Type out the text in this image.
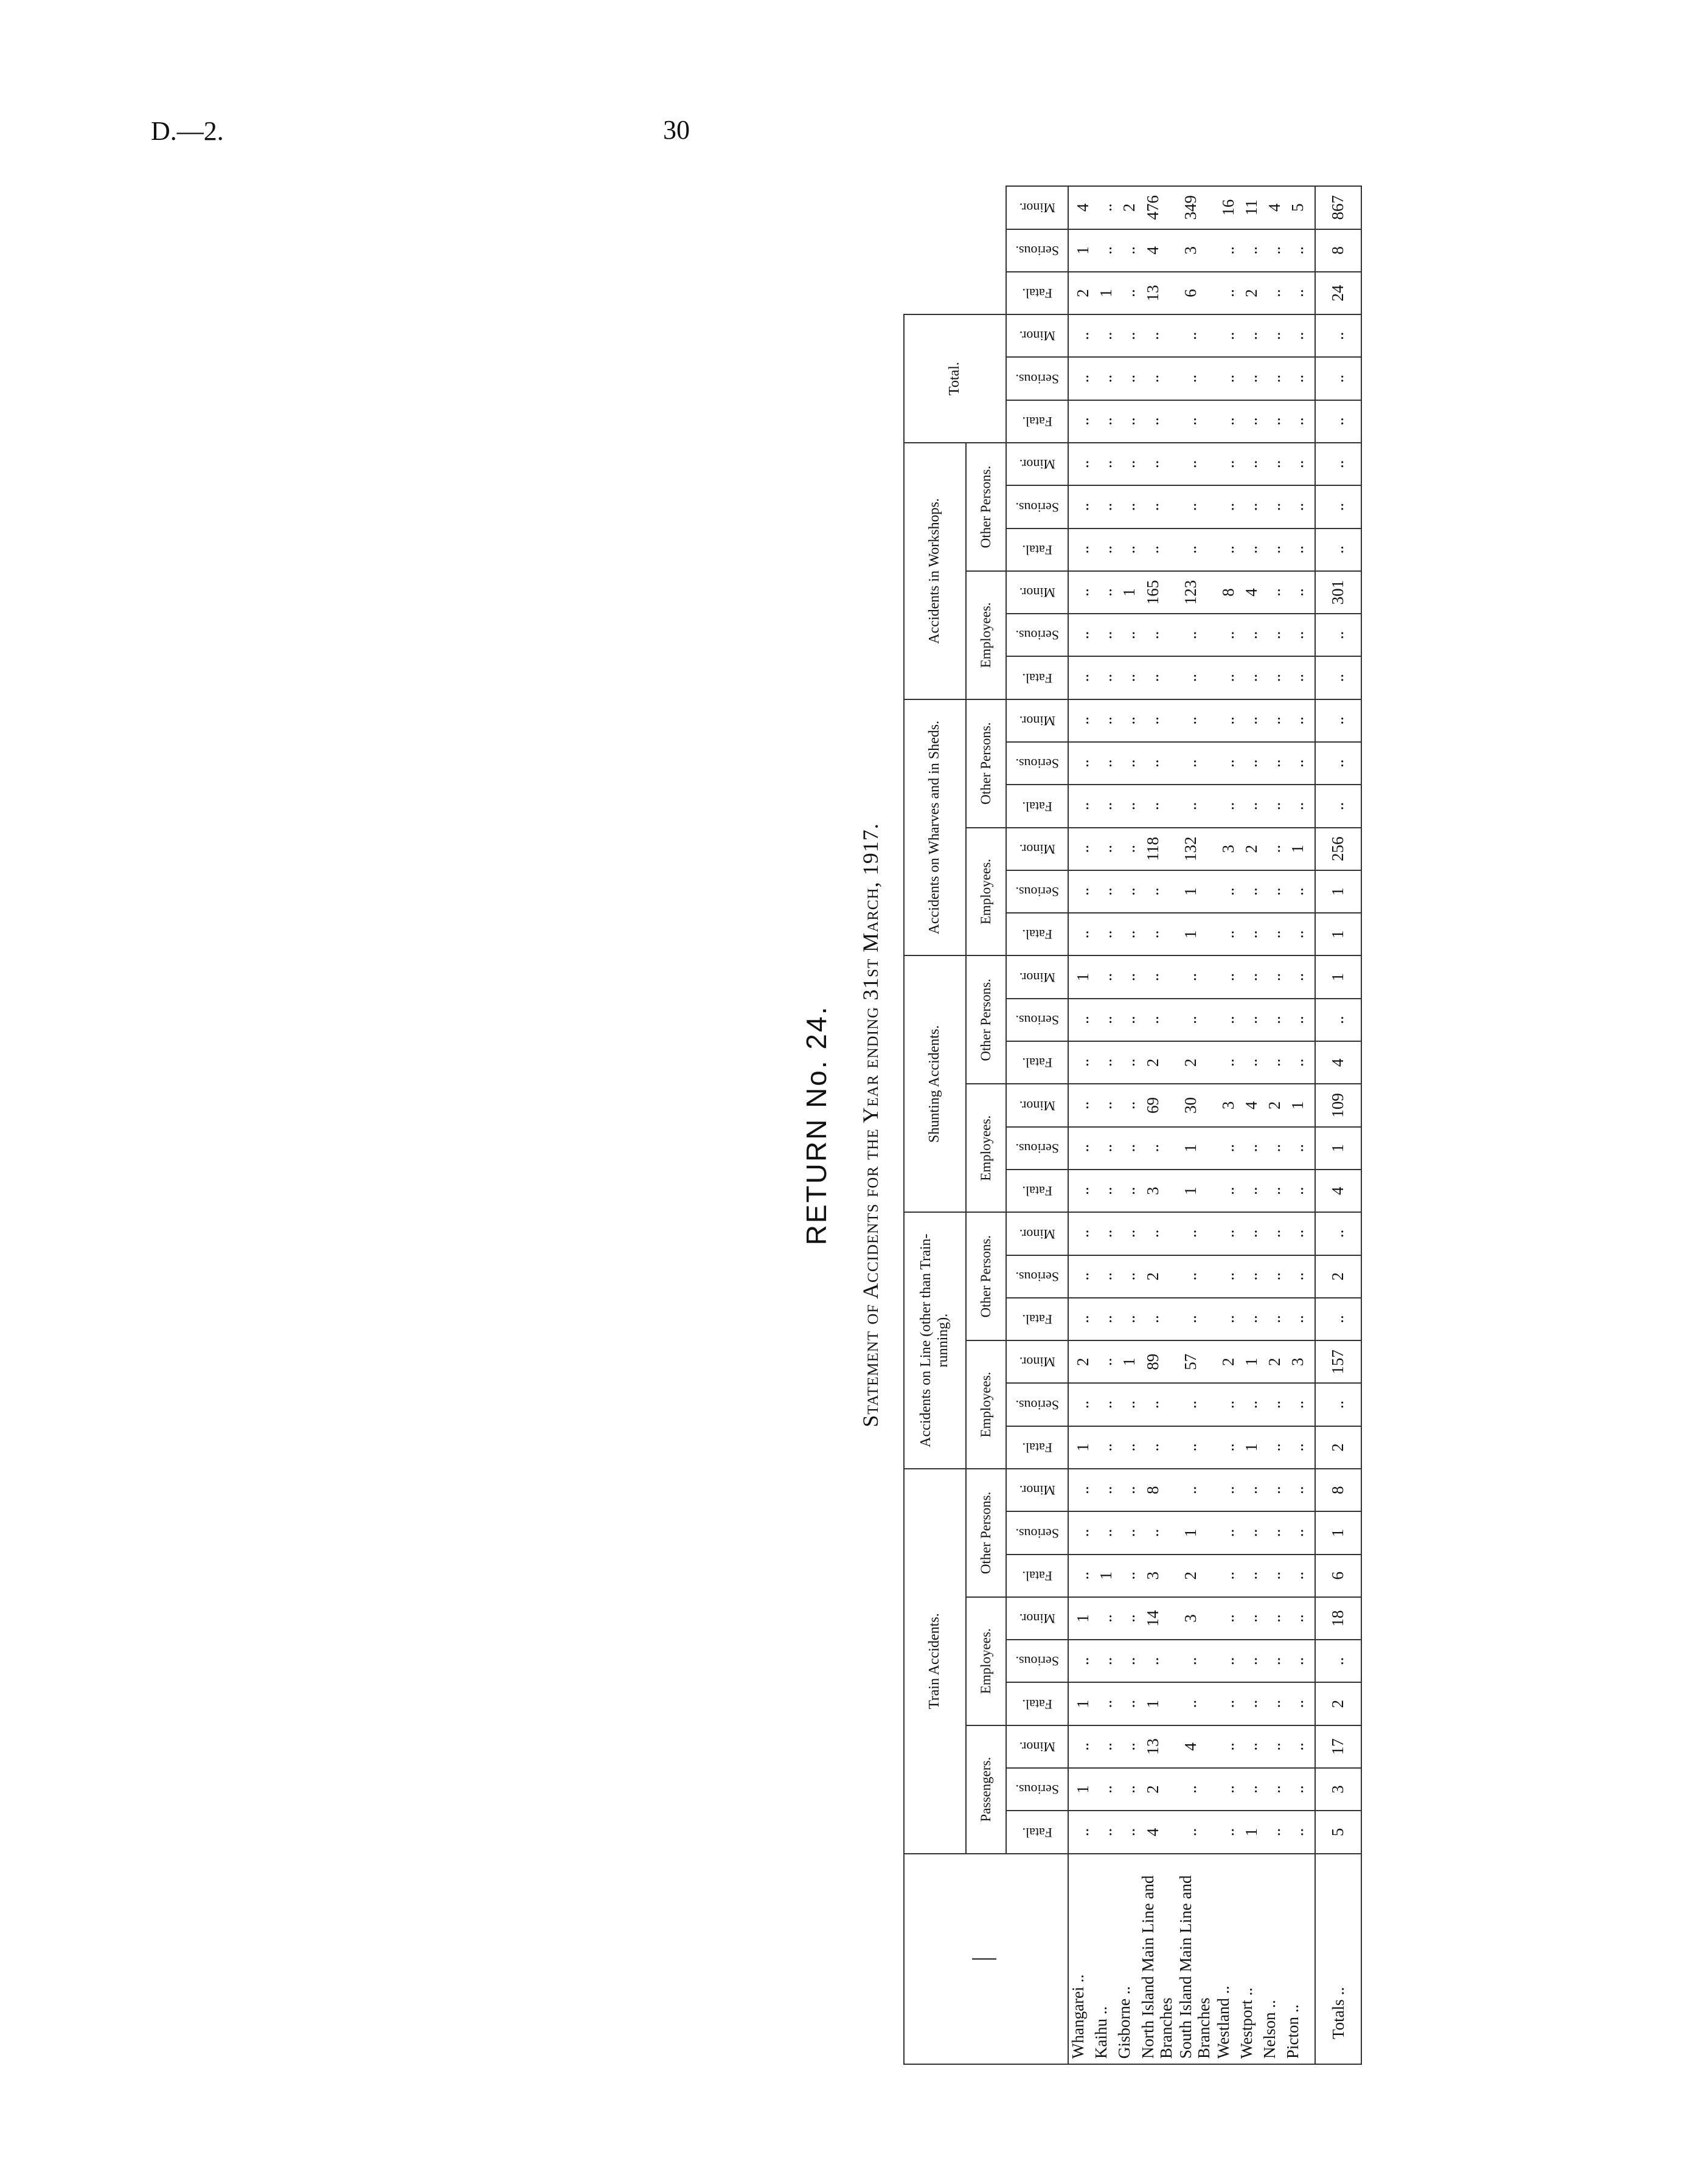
D.—2.	30
RETURN No. 24. Statement of Accidents for the Year ending 31st March, 1917.
	Train Accidents.									Accidents on Line (other than Train-running).						Shunting Accidents.						Accidents on Wharves and in Sheds.						Accidents in Workshops.						Total.					
	Passengers.			Employees.			Other Persons.			Employees.			Other Persons.			Employees.			Other Persons.			Employees.			Other Persons.			Employees.			Other Persons.								
	Fatal.	Serious.	Minor.	Fatal.	Serious.	Minor.	Fatal.	Serious.	Minor.	Fatal.	Serious.	Minor.	Fatal.	Serious.	Minor.	Fatal.	Serious.	Minor.	Fatal.	Serious.	Minor.	Fatal.	Serious.	Minor.	Fatal.	Serious.	Minor.	Fatal.	Serious.	Minor.	Fatal.	Serious.	Minor.	Fatal.	Serious.	Minor.	Fatal.	Serious.	Minor.
Whangarei ..	..	1	..	1	..	1	..	..	..	1	..	2	..	..	..	..	..	..	..	..	1	..	..	..	..	..	..	..	..	..	..	..	..	..	..	..	2	1	4
Kaihu ..	..	..	..	..	..	..	1	..	..	..	..	..	..	..	..	..	..	..	..	..	..	..	..	..	..	..	..	..	..	..	..	..	..	..	..	..	1	..	..
Gisborne ..	..	..	..	..	..	..	..	..	..	..	..	1	..	..	..	..	..	..	..	..	..	..	..	..	..	..	..	..	..	1	..	..	..	..	..	..	..	..	2
North Island Main Line and Branches	4	2	13	1	..	14	3	..	8	..	..	89	..	2	..	3	..	69	2	..	..	..	..	118	..	..	..	..	..	165	..	..	..	..	..	..	13	4	476
South Island Main Line and Branches	..	..	4	..	..	3	2	1	..	..	..	57	..	..	..	1	1	30	2	..	..	1	1	132	..	..	..	..	..	123	..	..	..	..	..	..	6	3	349
Westland ..	..	..	..	..	..	..	..	..	..	..	..	2	..	..	..	..	..	3	..	..	..	..	..	3	..	..	..	..	..	8	..	..	..	..	..	..	..	..	16
Westport ..	1	..	..	..	..	..	..	..	..	1	..	1	..	..	..	..	..	4	..	..	..	..	..	2	..	..	..	..	..	4	..	..	..	..	..	..	2	..	11
Nelson ..	..	..	..	..	..	..	..	..	..	..	..	2	..	..	..	..	..	2	..	..	..	..	..	..	..	..	..	..	..	..	..	..	..	..	..	..	..	..	4
Picton ..	..	..	..	..	..	..	..	..	..	..	..	3	..	..	..	..	..	1	..	..	..	..	..	1	..	..	..	..	..	..	..	..	..	..	..	..	..	..	5

Totals ..	5	3	17	2	..	18	6	1	8	2	..	157	..	2	..	4	1	109	4	..	1	1	1	256	..	..	..	..	..	301	..	..	..	..	..	..	24	8	867
